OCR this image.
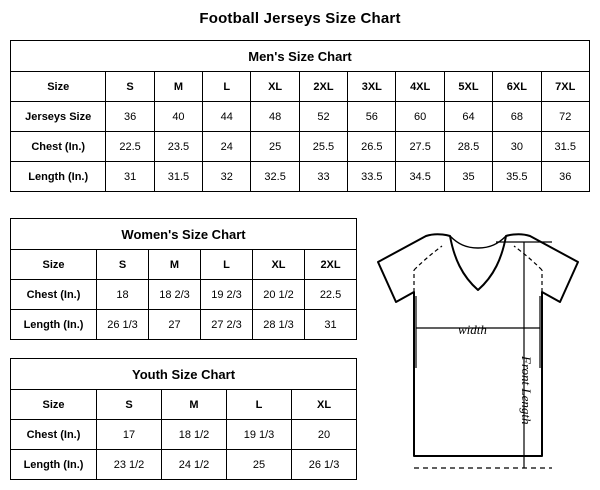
Football Jerseys Size Chart
Men's Size Chart										
Size	S	M	L	XL	2XL	3XL	4XL	5XL	6XL	7XL
Jerseys Size	36	40	44	48	52	56	60	64	68	72
Chest (In.)	22.5	23.5	24	25	25.5	26.5	27.5	28.5	30	31.5
Length (In.)	31	31.5	32	32.5	33	33.5	34.5	35	35.5	36
Women's Size Chart					
Size	S	M	L	XL	2XL
Chest (In.)	18	18 2/3	19 2/3	20 1/2	22.5
Length (In.)	26 1/3	27	27 2/3	28 1/3	31
Youth Size Chart				
Size	S	M	L	XL
Chest (In.)	17	18 1/2	19 1/3	20
Length (In.)	23 1/2	24 1/2	25	26 1/3
width
Front Length
